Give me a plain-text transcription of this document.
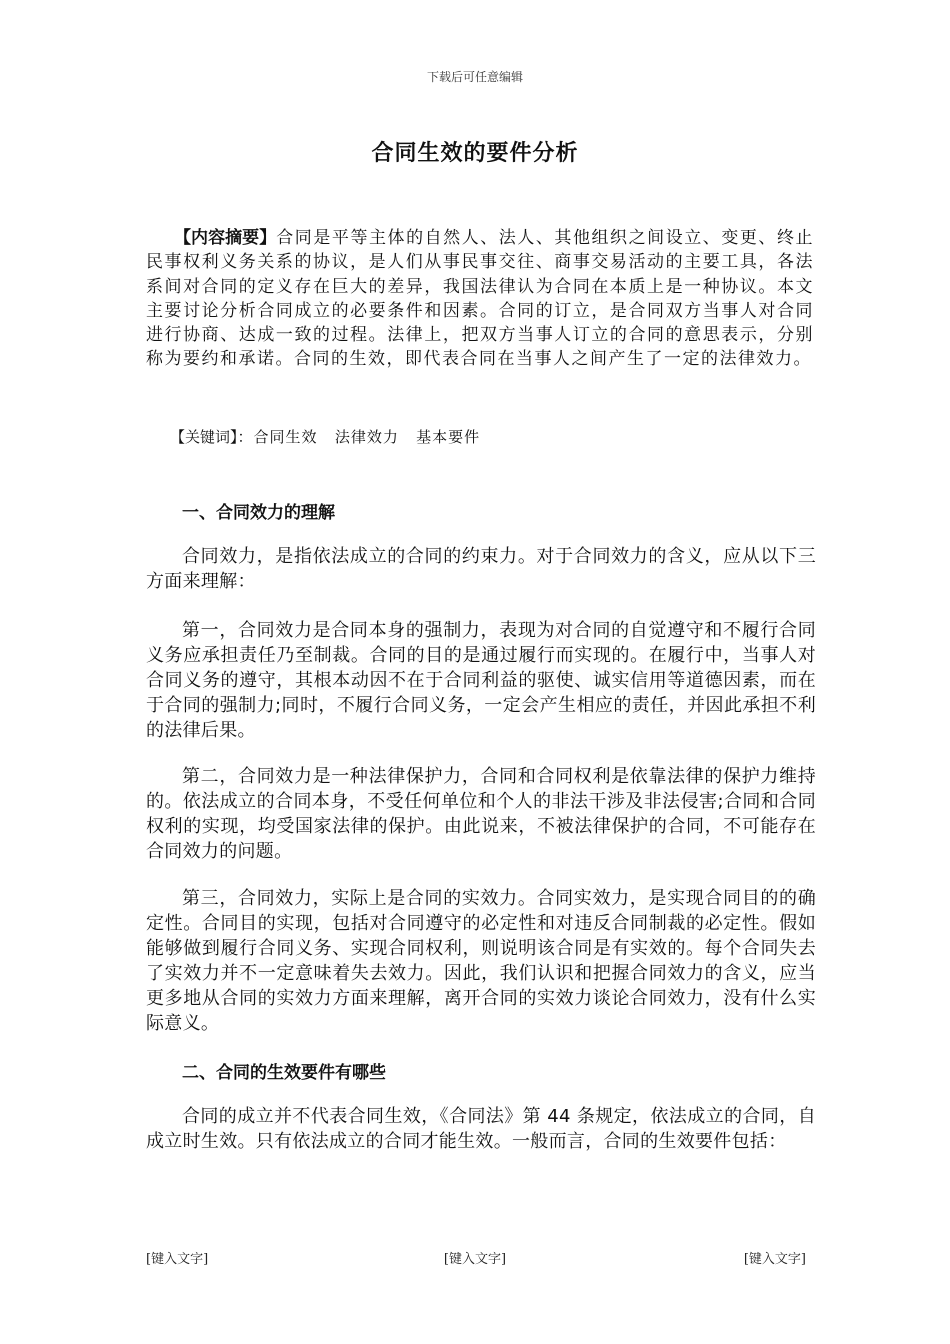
下载后可任意编辑
合同生效的要件分析
【内容摘要】合同是平等主体的自然人、法人、其他组织之间设立、变更、终止民事权利义务关系的协议，是人们从事民事交往、商事交易活动的主要工具，各法系间对合同的定义存在巨大的差异，我国法律认为合同在本质上是一种协议。本文主要讨论分析合同成立的必要条件和因素。合同的订立，是合同双方当事人对合同进行协商、达成一致的过程。法律上，把双方当事人订立的合同的意思表示，分别称为要约和承诺。合同的生效，即代表合同在当事人之间产生了一定的法律效力。
【关键词】：合同生效   法律效力   基本要件
一、合同效力的理解
合同效力，是指依法成立的合同的约束力。对于合同效力的含义，应从以下三方面来理解：
第一，合同效力是合同本身的强制力，表现为对合同的自觉遵守和不履行合同义务应承担责任乃至制裁。合同的目的是通过履行而实现的。在履行中，当事人对合同义务的遵守，其根本动因不在于合同利益的驱使、诚实信用等道德因素，而在于合同的强制力;同时，不履行合同义务，一定会产生相应的责任，并因此承担不利的法律后果。
第二，合同效力是一种法律保护力，合同和合同权利是依靠法律的保护力维持的。依法成立的合同本身，不受任何单位和个人的非法干涉及非法侵害;合同和合同权利的实现，均受国家法律的保护。由此说来，不被法律保护的合同，不可能存在合同效力的问题。
第三，合同效力，实际上是合同的实效力。合同实效力，是实现合同目的的确定性。合同目的实现，包括对合同遵守的必定性和对违反合同制裁的必定性。假如能够做到履行合同义务、实现合同权利，则说明该合同是有实效的。每个合同失去了实效力并不一定意味着失去效力。因此，我们认识和把握合同效力的含义，应当更多地从合同的实效力方面来理解，离开合同的实效力谈论合同效力，没有什么实际意义。
二、合同的生效要件有哪些
合同的成立并不代表合同生效，《合同法》第 44 条规定，依法成立的合同，自成立时生效。只有依法成立的合同才能生效。一般而言，合同的生效要件包括：
[键入文字]	[键入文字]	[键入文字]
